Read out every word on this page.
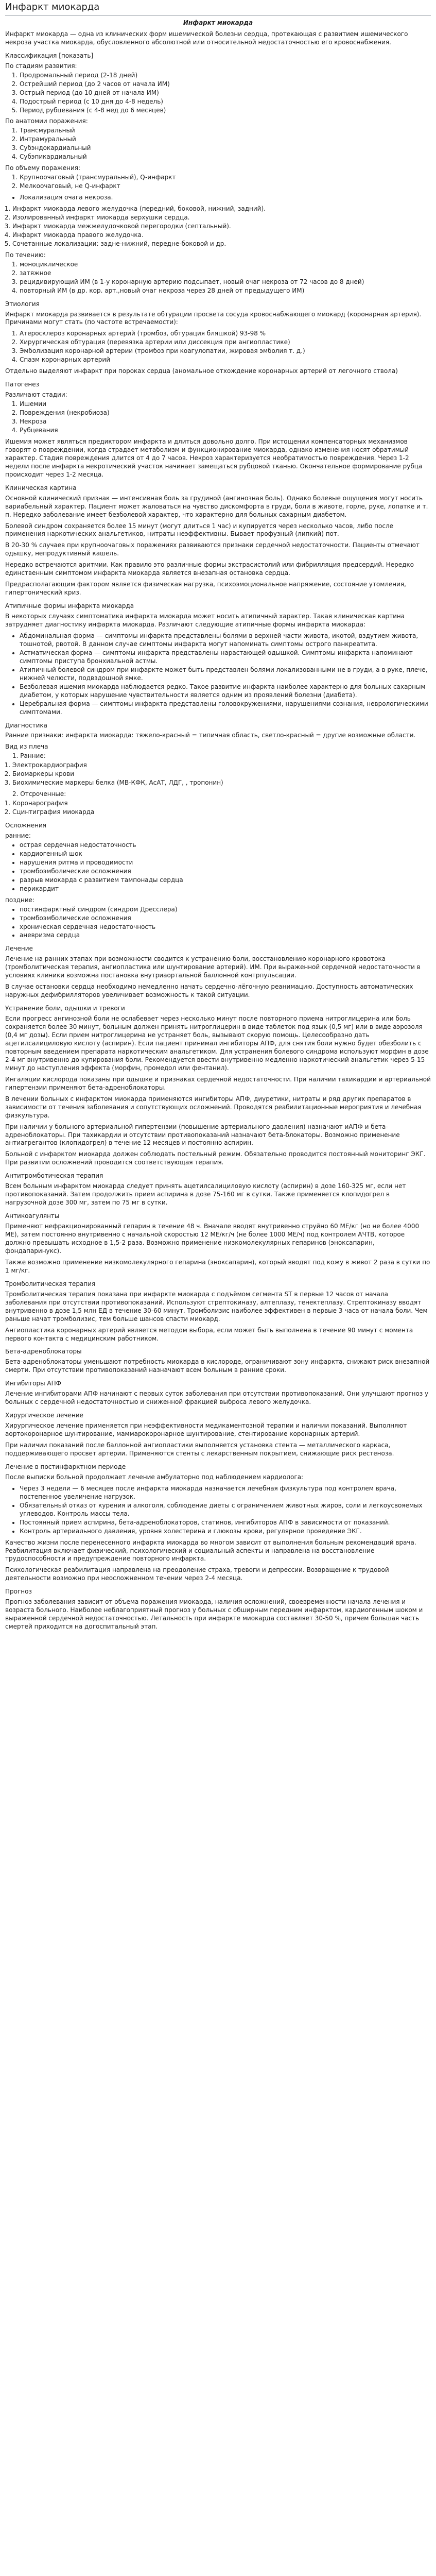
Инфаркт миокарда
Инфаркт миокарда

Инфаркт миокарда — одна из клинических форм ишемической болезни сердца, протекающая с развитием ишемического некроза участка миокарда, обусловленного абсолютной или относительной недостаточностью его кровоснабжения.

Классификация [показать]
По стадиям развития:
1. Продромальный период (2-18 дней)
2. Острейший период (до 2 часов от начала ИМ)
3. Острый период (до 10 дней от начала ИМ)
4. Подострый период (с 10 дня до 4-8 недель)
5. Период рубцевания (с 4-8 нед до 6 месяцев)
По анатомии поражения:
1. Трансмуральный
2. Интрамуральный
3. Субэндокардиальный
4. Субэпикардиальный
По объему поражения:
1. Крупноочаговый (трансмуральный), Q-инфаркт
2. Мелкоочаговый, не Q-инфаркт
• Локализация очага некроза.
1. Инфаркт миокарда левого желудочка (передний, боковой, нижний, задний).
2. Изолированный инфаркт миокарда верхушки сердца.
3. Инфаркт миокарда межжелудочковой перегородки (септальный).
4. Инфаркт миокарда правого желудочка.
5. Сочетанные локализации: задне-нижний, передне-боковой и др.
По течению:
1. моноциклическое
2. затяжное
3. рецидивирующий ИМ (в 1-у коронарную артерию подсыпает, новый очаг некроза от 72 часов до 8 дней)
4. повторный ИМ (в др. кор. арт.,новый очаг некроза через 28 дней от предыдущего ИМ)
Этиология

Инфаркт миокарда развивается в результате обтурации просвета сосуда кровоснабжающего миокард (коронарная артерия). Причинами могут стать (по частоте встречаемости):

1. Атеросклероз коронарных артерий (тромбоз, обтурация бляшкой) 93-98 %
2. Хирургическая обтурация (перевязка артерии или диссекция при ангиопластике)
3. Эмболизация коронарной артерии (тромбоз при коагулопатии, жировая эмболия т. д.)
4. Спазм коронарных артерий

Отдельно выделяют инфаркт при пороках сердца (аномальное отхождение коронарных артерий от легочного ствола)

Патогенез
Различают стадии:
1. Ишемии
2. Повреждения (некробиоза)
3. Некроза
4. Рубцевания

Ишемия может являться предиктором инфаркта и длиться довольно долго. При истощении компенсаторных механизмов говорят о повреждении, когда страдает метаболизм и функционирование миокарда, однако изменения носят обратимый характер. Стадия повреждения длится от 4 до 7 часов. Некроз характеризуется необратимостью повреждения. Через 1-2 недели после инфаркта некротический участок начинает замещаться рубцовой тканью. Окончательное формирование рубца происходит через 1-2 месяца.

Клиническая картина

Основной клинический признак — интенсивная боль за грудиной (ангинозная боль). Однако болевые ощущения могут носить вариабельный характер. Пациент может жаловаться на чувство дискомфорта в груди, боли в животе, горле, руке, лопатке и т. п. Нередко заболевание имеет безболевой характер, что характерно для больных сахарным диабетом.

Болевой синдром сохраняется более 15 минут (могут длиться 1 час) и купируется через несколько часов, либо после применения наркотических анальгетиков, нитраты неэффективны. Бывает профузный (липкий) пот.

В 20-30 % случаев при крупноочаговых поражениях развиваются признаки сердечной недостаточности. Пациенты отмечают одышку, непродуктивный кашель.

Нередко встречаются аритмии. Как правило это различные формы экстрасистолий или фибрилляция предсердий. Нередко единственным симптомом инфаркта миокарда является внезапная остановка сердца.

Предрасполагающим фактором является физическая нагрузка, психоэмоциональное напряжение, состояние утомления, гипертонический криз.

Атипичные формы инфаркта миокарда

В некоторых случаях симптоматика инфаркта миокарда может носить атипичный характер. Такая клиническая картина затрудняет диагностику инфаркта миокарда. Различают следующие атипичные формы инфаркта миокарда:

• Абдоминальная форма — симптомы инфаркта представлены болями в верхней части живота, икотой, вздутием живота, тошнотой, рвотой. В данном случае симптомы инфаркта могут напоминать симптомы острого панкреатита.
• Астматическая форма — симптомы инфаркта представлены нарастающей одышкой. Симптомы инфаркта напоминают симптомы приступа бронхиальной астмы.
• Атипичный болевой синдром при инфаркте может быть представлен болями локализованными не в груди, а в руке, плече, нижней челюсти, подвздошной ямке.
• Безболевая ишемия миокарда наблюдается редко. Такое развитие инфаркта наиболее характерно для больных сахарным диабетом, у которых нарушение чувствительности является одним из проявлений болезни (диабета).
• Церебральная форма — симптомы инфаркта представлены головокружениями, нарушениями сознания, неврологическими симптомами.
Диагностика

Ранние признаки: инфаркта миокарда: тяжело-красный = типичная область, светло-красный = другие возможные области.

Вид из плеча
1. Ранние:
1. Электрокардиография
2. Биомаркеры крови
3. Биохимические маркеры белка (МВ-КФК, АсАТ, ЛДГ, , тропонин)
2. Отсроченные:
1. Коронарография
2. Сцинтиграфия миокарда
Осложнения
ранние:
• острая сердечная недостаточность
• кардиогенный шок
• нарушения ритма и проводимости
• тромбоэмболические осложнения
• разрыв миокарда с развитием тампонады сердца
• перикардит
поздние:
• постинфарктный синдром (синдром Дресслера)
• тромбоэмболические осложнения
• хроническая сердечная недостаточность
• аневризма сердца
Лечение

Лечение на ранних этапах при возможности сводится к устранению боли, восстановлению коронарного кровотока (тромболитическая терапия, ангиопластика или шунтирование артерий). ИМ. При выраженной сердечной недостаточности в условиях клиники возможна постановка внутриаортальной баллонной контрпульсации.

В случае остановки сердца необходимо немедленно начать сердечно-лёгочную реанимацию. Доступность автоматических наружных дефибрилляторов увеличивает возможность к такой ситуации.

Устранение боли, одышки и тревоги

Если прогресс ангинозной боли не ослабевает через несколько минут после повторного приема нитроглицерина или боль сохраняется более 30 минут, больным должен принять нитроглицерин в виде таблеток под язык (0,5 мг) или в виде аэрозоля (0,4 мг дозы). Если прием нитроглицерина не устраняет боль, вызывают скорую помощь. Целесообразно дать ацетилсалициловую кислоту (аспирин). Если пациент принимал ингибиторы АПФ, для снятия боли нужно будет обезболить с повторным введением препарата наркотическим анальгетиком. Для устранения болевого синдрома используют морфин в дозе 2-4 мг внутривенно до купирования боли. Рекомендуется ввести внутривенно медленно наркотический анальгетик через 5-15 минут до наступления эффекта (морфин, промедол или фентанил).

Ингаляции кислорода показаны при одышке и признаках сердечной недостаточности. При наличии тахикардии и артериальной гипертензии применяют бета-адреноблокаторы.

В лечении больных с инфарктом миокарда применяются ингибиторы АПФ, диуретики, нитраты и ряд других препаратов в зависимости от течения заболевания и сопутствующих осложнений. Проводятся реабилитационные мероприятия и лечебная физкультура.

При наличии у больного артериальной гипертензии (повышение артериального давления) назначают иАПФ и бета-адреноблокаторы. При тахикардии и отсутствии противопоказаний назначают бета-блокаторы. Возможно применение антиагрегантов (клопидогрел) в течение 12 месяцев и постоянно аспирин.

Больной с инфарктом миокарда должен соблюдать постельный режим. Обязательно проводится постоянный мониторинг ЭКГ. При развитии осложнений проводится соответствующая терапия.

Антитромботическая терапия

Всем больным инфарктом миокарда следует принять ацетилсалициловую кислоту (аспирин) в дозе 160-325 мг, если нет противопоказаний. Затем продолжить прием аспирина в дозе 75-160 мг в сутки. Также применяется клопидогрел в нагрузочной дозе 300 мг, затем по 75 мг в сутки.

Антикоагулянты

Применяют нефракционированный гепарин в течение 48 ч. Вначале вводят внутривенно струйно 60 МЕ/кг (но не более 4000 МЕ), затем постоянно внутривенно с начальной скоростью 12 МЕ/кг/ч (не более 1000 МЕ/ч) под контролем АЧТВ, которое должно превышать исходное в 1,5-2 раза. Возможно применение низкомолекулярных гепаринов (эноксапарин, фондапаринукс).

Также возможно применение низкомолекулярного гепарина (эноксапарин), который вводят под кожу в живот 2 раза в сутки по 1 мг/кг.

Тромболитическая терапия

Тромболитическая терапия показана при инфаркте миокарда с подъёмом сегмента ST в первые 12 часов от начала заболевания при отсутствии противопоказаний. Используют стрептокиназу, алтеплазу, тенектеплазу. Стрептокиназу вводят внутривенно в дозе 1,5 млн ЕД в течение 30-60 минут. Тромболизис наиболее эффективен в первые 3 часа от начала боли. Чем раньше начат тромболизис, тем больше шансов спасти миокард.

Ангиопластика коронарных артерий является методом выбора, если может быть выполнена в течение 90 минут с момента первого контакта с медицинским работником.

Бета-адреноблокаторы

Бета-адреноблокаторы уменьшают потребность миокарда в кислороде, ограничивают зону инфаркта, снижают риск внезапной смерти. При отсутствии противопоказаний назначают всем больным в ранние сроки.

Ингибиторы АПФ

Лечение ингибиторами АПФ начинают с первых суток заболевания при отсутствии противопоказаний. Они улучшают прогноз у больных с сердечной недостаточностью и сниженной фракцией выброса левого желудочка.

Хирургическое лечение

Хирургическое лечение применяется при неэффективности медикаментозной терапии и наличии показаний. Выполняют аортокоронарное шунтирование, маммарокоронарное шунтирование, стентирование коронарных артерий.

При наличии показаний после баллонной ангиопластики выполняется установка стента — металлического каркаса, поддерживающего просвет артерии. Применяются стенты с лекарственным покрытием, снижающие риск рестеноза.

Лечение в постинфарктном периоде

После выписки больной продолжает лечение амбулаторно под наблюдением кардиолога:

• Через 3 недели — 6 месяцев после инфаркта миокарда назначается лечебная физкультура под контролем врача, постепенное увеличение нагрузок.
• Обязательный отказ от курения и алкоголя, соблюдение диеты с ограничением животных жиров, соли и легкоусвояемых углеводов. Контроль массы тела.
• Постоянный прием аспирина, бета-адреноблокаторов, статинов, ингибиторов АПФ в зависимости от показаний.
• Контроль артериального давления, уровня холестерина и глюкозы крови, регулярное проведение ЭКГ.

Качество жизни после перенесенного инфаркта миокарда во многом зависит от выполнения больным рекомендаций врача. Реабилитация включает физический, психологический и социальный аспекты и направлена на восстановление трудоспособности и предупреждение повторного инфаркта.

Психологическая реабилитация направлена на преодоление страха, тревоги и депрессии. Возвращение к трудовой деятельности возможно при неосложненном течении через 2-4 месяца.

Прогноз

Прогноз заболевания зависит от объема поражения миокарда, наличия осложнений, своевременности начала лечения и возраста больного. Наиболее неблагоприятный прогноз у больных с обширным передним инфарктом, кардиогенным шоком и выраженной сердечной недостаточностью. Летальность при инфаркте миокарда составляет 30-50 %, причем большая часть смертей приходится на догоспитальный этап.
